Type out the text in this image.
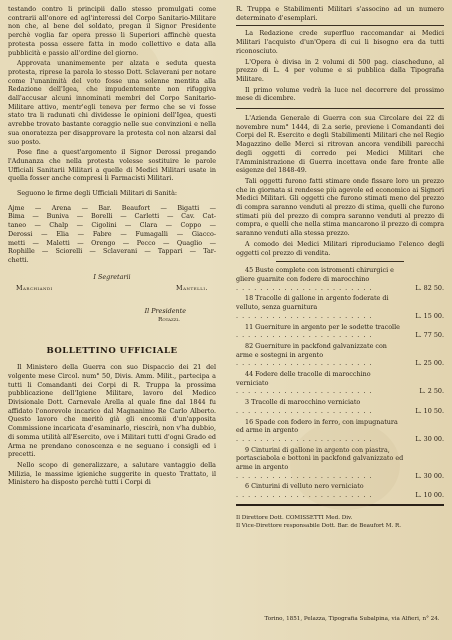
testando contro li principii dallo stesso promulgati come contrarii all'onore ed agl'interessi del Corpo Sanitario-Militare non che, al bene del soldato, pregan il Signor Presidente perchè voglia far opera presso li Superiori affinchè questa protesta possa essere fatta in modo collettivo e data alla pubblicità e passio all'ordine del giorno.

Approvata unanimemente per alzata e seduta questa protesta, riprese la parola lo stesso Dott. Sclaverani per notare come l'unanimità del voto fosse una solenne mentita alla Redazione dell'Igea, che impudentemente non rifuggiva dall'accusar alcuni innominati membri del Corpo Sanitario-Militare attivo, mentr'egli teneva per fermo che se vi fosse stato tra li radunati chi dividesse le opinioni dell'Igea, questi avrebbe trovato bastante coraggio nelle sue convinzioni e nella sua onoratezza per disapprovare la protesta col non alzarsi dal suo posto.

Pose fine a quest'argomento il Signor Derossi pregando l'Adunanza che nella protesta volesse sostituire le parole Ufficiali Sanitarii Militari a quelle di Medici Militari usate in quella fosser anche compresi li Farmacisti Militari.

Seguono le firme degli Ufficiali Militari di Sanità:

Ajme — Arena — Bar. Beaufort — Bigatti —
Bima — Buniva — Borelli — Carletti — Cav. Cat-
taneo — Chalp — Cigolini — Clara — Coppo —
Derossi — Elia — Fabre — Fumagalli — Giacco-
metti — Maletti — Orengo — Pecco — Quaglio —
Rophille — Sciorelli — Sclaverani — Tappari — Tar-
chetti.
I Segretarii
Marchiandi	Mantelli.
Il Presidente
Rotazzi.
BOLLETTINO UFFICIALE

Il Ministero della Guerra con suo Dispaccio dei 21 del volgente mese Circol. num° 50, Divis. Amm. Milit., partecipa a tutti li Comandanti dei Corpi di R. Truppa la prossima pubblicazione dell'Igiene Militare, lavoro del Medico Divisionale Dott. Carnevale Arella al quale fine dal 1844 fu affidato l'onorevole incarico dal Magnanimo Re Carlo Alberto. Questo lavoro che meritò già gli encomii d'un'apposita Commissione incaricata d'esaminarlo, riescirà, non v'ha dubbio, di somma utilità all'Esercito, ove i Militari tutti d'ogni Grado ed Arma ne prendano conoscenza e ne seguano i consigli ed i precetti.

Nello scopo di generalizzare, a salutare vantaggio della Milizia, le massime igieniche suggerite in questo Trattato, il Ministero ha disposto perchè tutti i Corpi di

R. Truppa e Stabilimenti Militari s'associno ad un numero determinato d'esemplari.

La Redazione crede superfluo raccomandar ai Medici Militari l'acquisto d'un'Opera di cui li bisogno era da tutti riconosciuto.

L'Opera è divisa in 2 volumi di 500 pag. ciascheduno, al prezzo di L. 4 per volume e si pubblica dalla Tipografia Militare.

Il primo volume vedrà la luce nel decorrere del prossimo mese di dicembre.

L'Azienda Generale di Guerra con sua Circolare dei 22 di novembre num° 1444, di 2.a serie, previene i Comandanti dei Corpi del R. Esercito e degli Stabilimenti Militari che nel Regio Magazzino delle Merci si ritrovan ancora vendibili parecchi degli oggetti di corredo pei Medici Militari che l'Amministrazione di Guerra incettava onde fare fronte alle esigenze del 1848-49.

Tali oggetti furono fatti stimare onde fissare loro un prezzo che in giornata si rendesse più agevole ed economico ai Signori Medici Militari. Gli oggetti che furono stimati meno del prezzo di compra saranno venduti al prezzo di stima, quelli che furono stimati più del prezzo di compra saranno venduti al prezzo di compra, e quelli che nella stima mancarono il prezzo di compra saranno venduti alla stessa prezzo.

A comodo dei Medici Militari riproduciamo l'elenco degli oggetti col prezzo di vendita.

45 Buste complete con istromenti chirurgici e gliere guarnite con fodere di marocchino
. . . . . . . . . . . . . . . . . . . . . . .	L. 82 50.
18 Tracolle di gallone in argento foderate di velluto, senza guarnitura
. . . . . . . . . . . . . . . . . . . . . . .	L. 15 00.
11 Guerniture in argento per le sodette tracolle
. . . . . . . . . . . . . . . . . . . . . . .	L. 77 50.
82 Guerniture in packfond galvanizzate con arme e sostegni in argento
. . . . . . . . . . . . . . . . . . . . . . .	L. 25 00.
44 Fodere delle tracolle di marocchino verniciato
. . . . . . . . . . . . . . . . . . . . . . .	L. 2 50.
3 Tracolle di marocchino verniciato
. . . . . . . . . . . . . . . . . . . . . . .	L. 10 50.
16 Spade con fodero in ferro, con impugnatura ed arme in argento
. . . . . . . . . . . . . . . . . . . . . . .	L. 30 00.
9 Cinturini di gallone in argento con piastra, portasciabola e bottoni in packfond galvanizzato ed arme in argento
. . . . . . . . . . . . . . . . . . . . . . .	L. 30 00.
6 Cinturini di velluto nero verniciato
. . . . . . . . . . . . . . . . . . . . . . .	L. 10 00.
Il Direttore Dott. COMISSETTI Med. Div.
Il Vice-Direttore responsabile Dott. Bar. de Beaufort M. R.
Torino, 1851, Pelazza, Tipografia Subalpina, via Alfieri, n° 24.
